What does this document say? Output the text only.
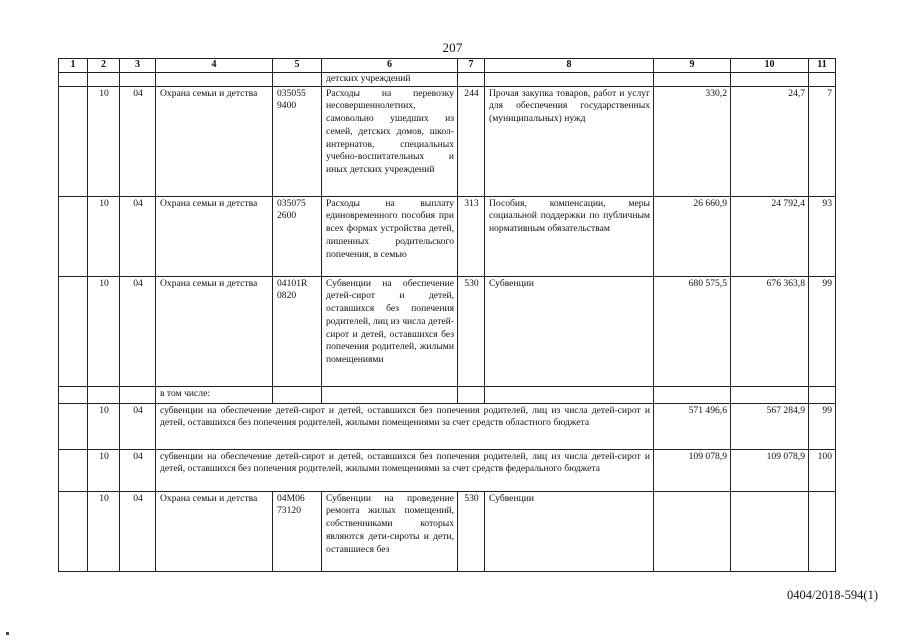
207
1	2	3	4	5	6	7	8	9	10	11
					детских учреждений					
	10	04	Охрана семьи и детства	035055 9400	Расходы на перевозку несовершеннолетних, самовольно ушедших из семей, детских домов, школ-интернатов, специальных учебно-воспитательных и иных детских учреждений	244	Прочая закупка товаров, работ и услуг для обеспечения государственных (муниципальных) нужд	330,2	24,7	7
	10	04	Охрана семьи и детства	035075 2600	Расходы на выплату единовременного пособия при всех формах устройства детей, лишенных родительского попечения, в семью	313	Пособия, компенсации, меры социальной поддержки по публичным нормативным обязательствам	26 660,9	24 792,4	93
	10	04	Охрана семьи и детства	04101R 0820	Субвенции на обеспечение детей-сирот и детей, оставшихся без попечения родителей, лиц из числа детей-сирот и детей, оставшихся без попечения родителей, жилыми помещениями	530	Субвенции	680 575,5	676 363,8	99
			в том числе:							
	10	04	субвенции на обеспечение детей-сирот и детей, оставшихся без попечения родителей, лиц из числа детей-сирот и детей, оставшихся без попечения родителей, жилыми помещениями за счет средств областного бюджета					571 496,6	567 284,9	99
	10	04	субвенции на обеспечение детей-сирот и детей, оставшихся без попечения родителей, лиц из числа детей-сирот и детей, оставшихся без попечения родителей, жилыми помещениями за счет средств федерального бюджета					109 078,9	109 078,9	100
	10	04	Охрана семьи и детства	04М06 73120	Субвенции на проведение ремонта жилых помещений, собственниками которых являются дети-сироты и дети, оставшиеся без	530	Субвенции			
0404/2018-594(1)
